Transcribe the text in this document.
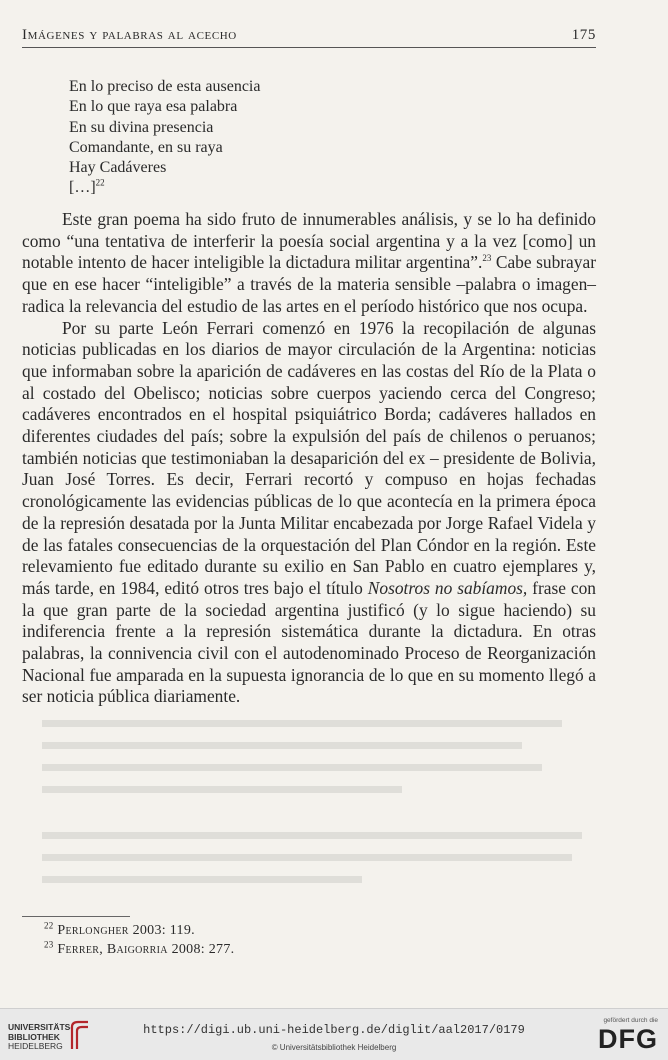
Imágenes y palabras al acecho	175
En lo preciso de esta ausencia
En lo que raya esa palabra
En su divina presencia
Comandante, en su raya
Hay Cadáveres
[…]$^{22}$

Este gran poema ha sido fruto de innumerables análisis, y se lo ha definido como “una tentativa de interferir la poesía social argentina y a la vez [como] un notable intento de hacer inteligible la dictadura militar argentina”.$^{23}$ Cabe subrayar que en ese hacer “inteligible” a través de la materia sensible –palabra o imagen– radica la relevancia del estudio de las artes en el período histórico que nos ocupa.

Por su parte León Ferrari comenzó en 1976 la recopilación de algunas noticias publicadas en los diarios de mayor circulación de la Argentina: noticias que informaban sobre la aparición de cadáveres en las costas del Río de la Plata o al costado del Obelisco; noticias sobre cuerpos yaciendo cerca del Congreso; cadáveres encontrados en el hospital psiquiátrico Borda; cadáveres hallados en diferentes ciudades del país; sobre la expulsión del país de chilenos o peruanos; también noticias que testimoniaban la desaparición del ex – presidente de Bolivia, Juan José Torres. Es decir, Ferrari recortó y compuso en hojas fechadas cronológicamente las evidencias públicas de lo que acontecía en la primera época de la represión desatada por la Junta Militar encabezada por Jorge Rafael Videla y de las fatales consecuencias de la orquestación del Plan Cóndor en la región. Este relevamiento fue editado durante su exilio en San Pablo en cuatro ejemplares y, más tarde, en 1984, editó otros tres bajo el título Nosotros no sabíamos, frase con la que gran parte de la sociedad argentina justificó (y lo sigue haciendo) su indiferencia frente a la represión sistemática durante la dictadura. En otras palabras, la connivencia civil con el autodenominado Proceso de Reorganización Nacional fue amparada en la supuesta ignorancia de lo que en su momento llegó a ser noticia pública diariamente.

$^{22}$ Perlongher 2003: 119.
$^{23}$ Ferrer, Baigorria 2008: 277.
UNIVERSITÄTS-
BIBLIOTHEK
HEIDELBERG
https://digi.ub.uni-heidelberg.de/diglit/aal2017/0179
© Universitätsbibliothek Heidelberg
gefördert durch die
DFG
